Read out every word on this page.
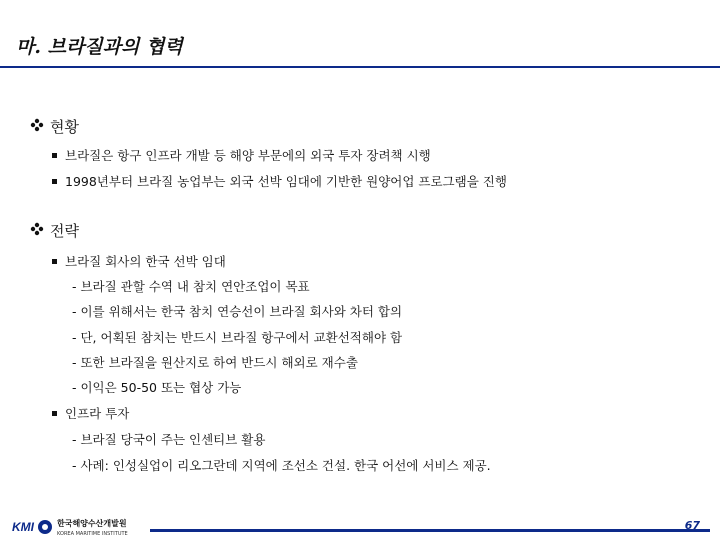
마. 브라질과의 협력
현황
브라질은 항구 인프라 개발 등 해양 부문에의 외국 투자 장려책 시행
1998년부터 브라질 농업부는 외국 선박 임대에 기반한 원양어업 프로그램을 진행
전략
브라질 회사의 한국 선박 임대
- 브라질 관할 수역 내 참치 연안조업이 목표
- 이를 위해서는 한국 참치 연승선이 브라질 회사와 차터 합의
- 단, 어획된 참치는 반드시 브라질 항구에서 교환선적해야 함
- 또한 브라질을 원산지로 하여 반드시 해외로 재수출
- 이익은 50-50 또는 협상 가능
인프라 투자
- 브라질 당국이 주는 인센티브 활용
- 사례: 인성실업이 리오그란데 지역에 조선소 건설. 한국 어선에 서비스 제공.
KMI	한국해양수산개발원
KOREA MARITIME INSTITUTE
67
